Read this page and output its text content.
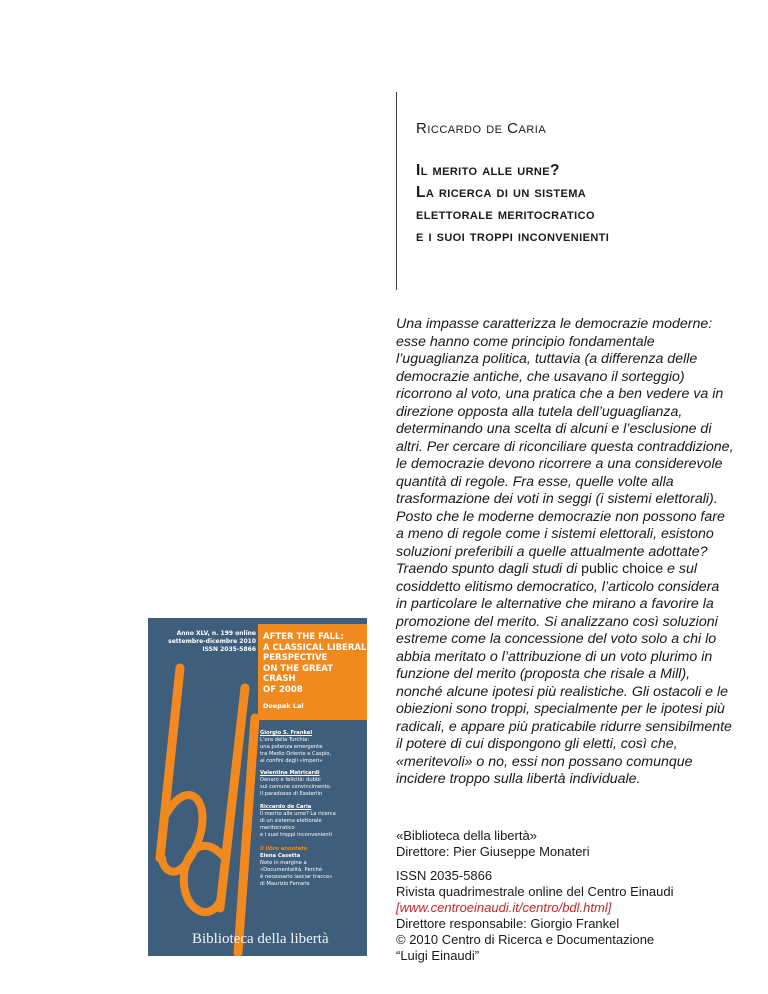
Riccardo de Caria
Il merito alle urne?
La ricerca di un sistema
elettorale meritocratico
e i suoi troppi inconvenienti
Una impasse caratterizza le democrazie moderne: esse hanno come principio fondamentale l’uguaglianza politica, tuttavia (a differenza delle democrazie antiche, che usavano il sorteggio) ricorrono al voto, una pratica che a ben vedere va in direzione opposta alla tutela dell’uguaglianza, determinando una scelta di alcuni e l’esclusione di altri. Per cercare di riconciliare questa contraddizione, le democrazie devono ricorrere a una considerevole quantità di regole. Fra esse, quelle volte alla trasformazione dei voti in seggi (i sistemi elettorali). Posto che le moderne democrazie non possono fare a meno di regole come i sistemi elettorali, esistono soluzioni preferibili a quelle attualmente adottate? Traendo spunto dagli studi di public choice e sul cosiddetto elitismo democratico, l’articolo considera in particolare le alternative che mirano a favorire la promozione del merito. Si analizzano così soluzioni estreme come la concessione del voto solo a chi lo abbia meritato o l’attribuzione di un voto plurimo in funzione del merito (proposta che risale a Mill), nonché alcune ipotesi più realistiche. Gli ostacoli e le obiezioni sono troppi, specialmente per le ipotesi più radicali, e appare più praticabile ridurre sensibilmente il potere di cui dispongono gli eletti, così che, «meritevoli» o no, essi non possano comunque incidere troppo sulla libertà individuale.
«Biblioteca della libertà»
Direttore: Pier Giuseppe Monateri
ISSN 2035-5866
Rivista quadrimestrale online del Centro Einaudi
[www.centroeinaudi.it/centro/bdl.html]
Direttore responsabile: Giorgio Frankel
© 2010 Centro di Ricerca e Documentazione
“Luigi Einaudi”
Anno XLV, n. 199 online
settembre-dicembre 2010
ISSN 2035-5866
AFTER THE FALL:
A CLASSICAL LIBERAL
PERSPECTIVE
ON THE GREAT CRASH
OF 2008
Deepak Lal
Giorgio S. Frankel
L’ora della Turchia:
una potenza emergente
tra Medio Oriente e Caspio,
ai confini degli «imperi»
Valentina Matricardi
Denaro e felicità: dubbi
sul comune convincimento.
Il paradosso di Easterlin
Riccardo de Caria
Il merito alle urne? La ricerca
di un sistema elettorale
meritocratico
e i suoi troppi inconvenienti
Il libro annotato
Elena Casetta
Note in margine a
«Documentalità. Perché
è necessario lasciar tracce»
di Maurizio Ferraris
Biblioteca della libertà
